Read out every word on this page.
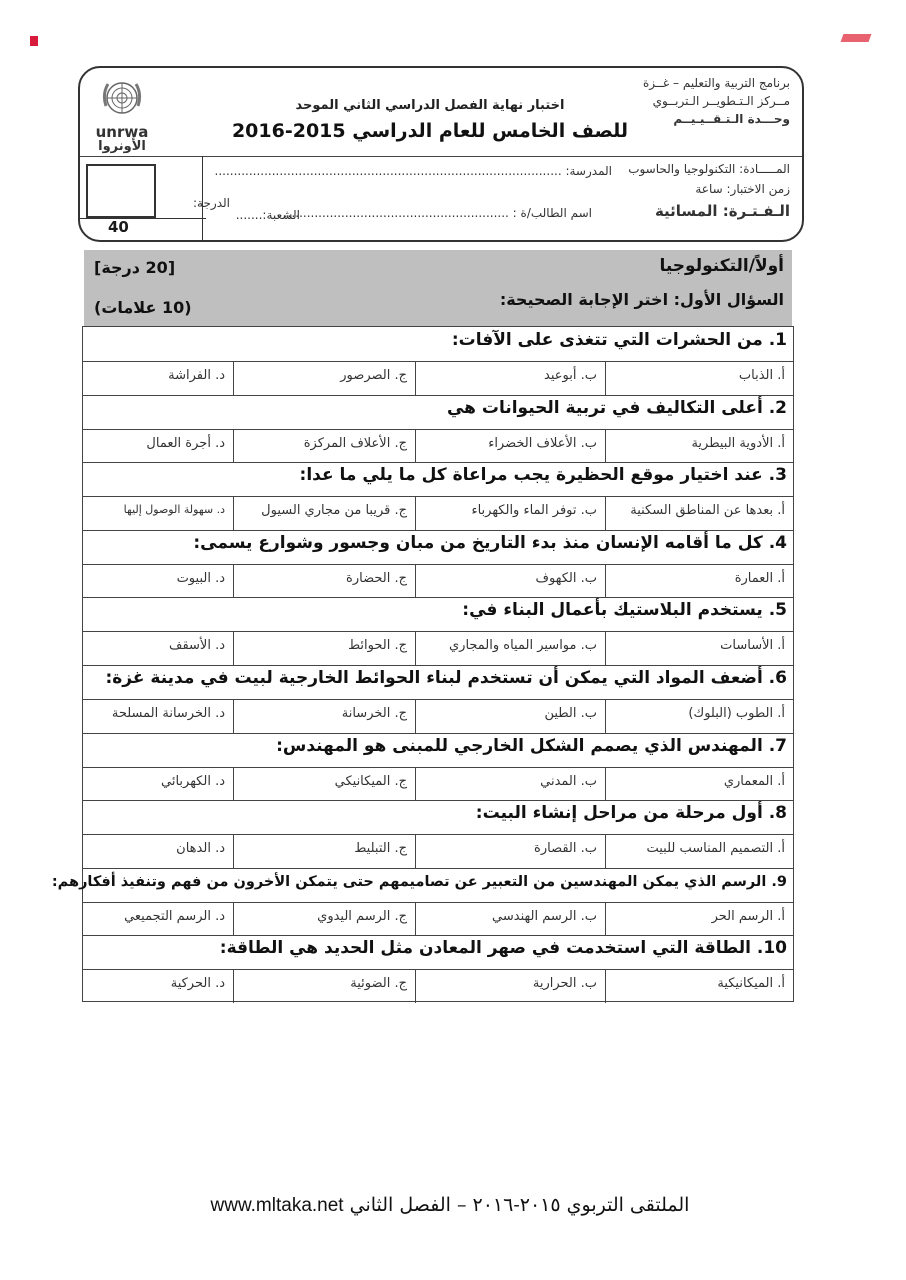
برنامج التربية والتعليم – غــزة
مــركز الـتـطويــر الـتربــوي
وحـــدة الـتـقــيـيــم
اختبار نهاية الفصل الدراسي الثاني الموحد
للصف الخامس للعام الدراسي 2015-2016
unrwa
الأونروا
المـــــادة: التكنولوجيا والحاسوب
المدرسة: ...........................................................................................
زمن الاختبار: ساعة
الـفـتـرة: المسائية
اسم الطالب/ة : ...........................................................
الشعبة:.......
الدرجة:
40
أولاً/التكنولوجيا
[20 درجة]
السؤال الأول: اختر الإجابة الصحيحة:
(10 علامات)
1. من الحشرات التي تتغذى على الآفات:
أ. الذباب
ب. أبوعيد
ج. الصرصور
د. الفراشة
2. أعلى التكاليف في تربية الحيوانات هي
أ. الأدوية البيطرية
ب. الأعلاف الخضراء
ج. الأعلاف المركزة
د. أجرة العمال
3. عند اختيار موقع الحظيرة يجب مراعاة كل ما يلي ما عدا:
أ. بعدها عن المناطق السكنية
ب. توفر الماء والكهرباء
ج. قريبا من مجاري السيول
د. سهولة الوصول إليها
4. كل ما أقامه الإنسان منذ بدء التاريخ من مبان وجسور وشوارع يسمى:
أ. العمارة
ب. الكهوف
ج. الحضارة
د. البيوت
5. يستخدم البلاستيك بأعمال البناء في:
أ. الأساسات
ب. مواسير المياه والمجاري
ج. الحوائط
د. الأسقف
6. أضعف المواد التي يمكن أن تستخدم لبناء الحوائط الخارجية لبيت في مدينة غزة:
أ. الطوب (البلوك)
ب. الطين
ج. الخرسانة
د. الخرسانة المسلحة
7. المهندس الذي يصمم الشكل الخارجي للمبنى هو المهندس:
أ. المعماري
ب. المدني
ج. الميكانيكي
د. الكهربائي
8. أول مرحلة من مراحل إنشاء البيت:
أ. التصميم المناسب للبيت
ب. القصارة
ج. التبليط
د. الدهان
9. الرسم الذي يمكن المهندسين من التعبير عن تصاميمهم حتى يتمكن الأخرون من فهم وتنفيذ أفكارهم:
أ. الرسم الحر
ب. الرسم الهندسي
ج. الرسم اليدوي
د. الرسم التجميعي
10. الطاقة التي استخدمت في صهر المعادن مثل الحديد هي الطاقة:
أ. الميكانيكية
ب. الحرارية
ج. الضوئية
د. الحركية
الملتقى التربوي ٢٠١٥-٢٠١٦ – الفصل الثاني www.mltaka.net
